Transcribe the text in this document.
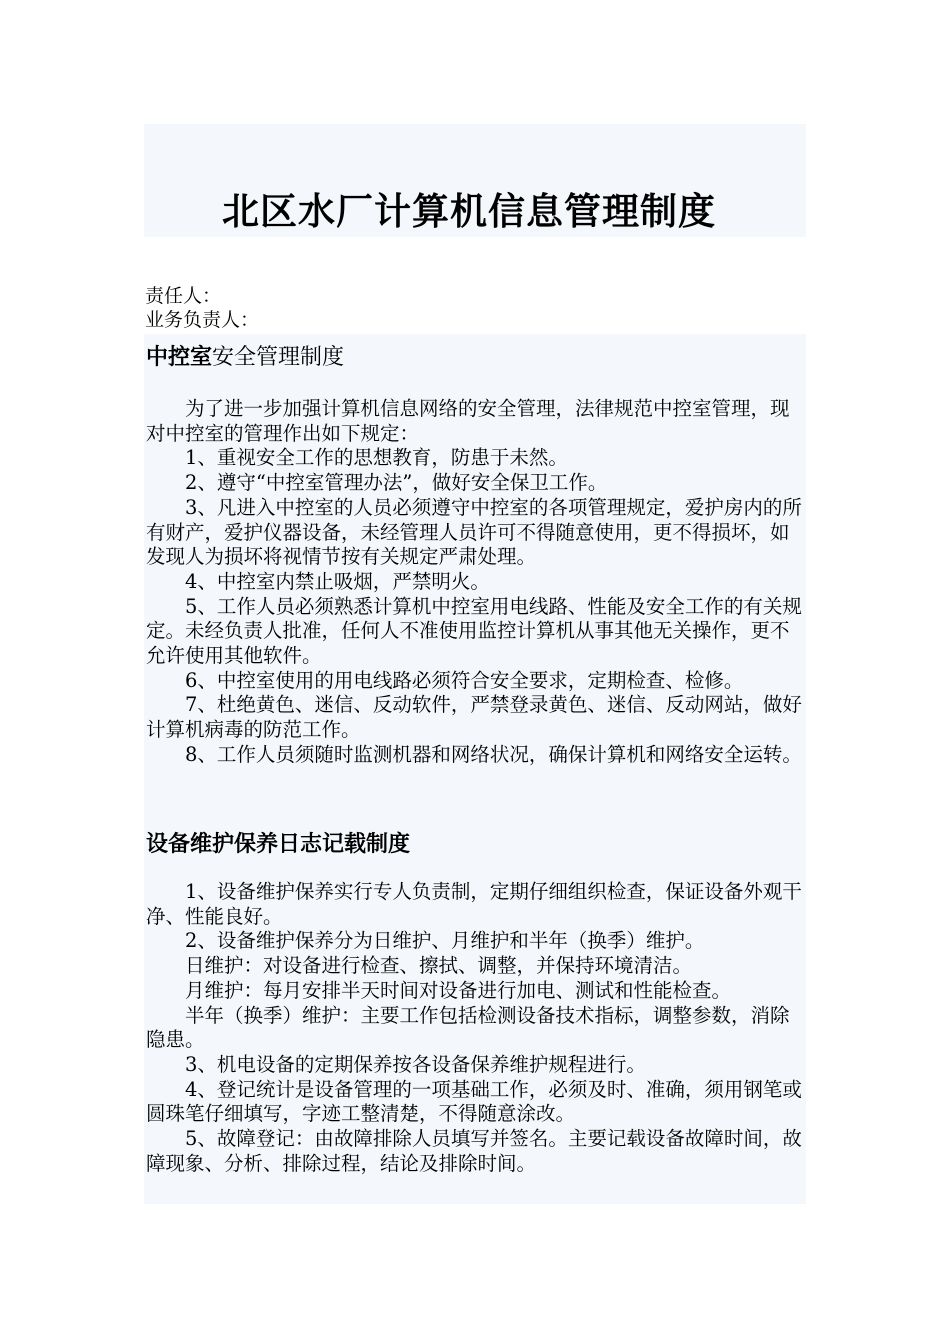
北区水厂计算机信息管理制度
责任人：
业务负责人：
中控室安全管理制度

为了进一步加强计算机信息网络的安全管理，法律规范中控室管理，现对中控室的管理作出如下规定：

1、重视安全工作的思想教育，防患于未然。

2、遵守“中控室管理办法”，做好安全保卫工作。

3、凡进入中控室的人员必须遵守中控室的各项管理规定，爱护房内的所有财产，爱护仪器设备，未经管理人员许可不得随意使用，更不得损坏，如发现人为损坏将视情节按有关规定严肃处理。

4、中控室内禁止吸烟，严禁明火。

5、工作人员必须熟悉计算机中控室用电线路、性能及安全工作的有关规定。未经负责人批准，任何人不准使用监控计算机从事其他无关操作，更不允许使用其他软件。

6、中控室使用的用电线路必须符合安全要求，定期检查、检修。

7、杜绝黄色、迷信、反动软件，严禁登录黄色、迷信、反动网站，做好计算机病毒的防范工作。

8、工作人员须随时监测机器和网络状况，确保计算机和网络安全运转。

设备维护保养日志记载制度

1、设备维护保养实行专人负责制，定期仔细组织检查，保证设备外观干净、性能良好。

2、设备维护保养分为日维护、月维护和半年（换季）维护。

日维护：对设备进行检查、擦拭、调整，并保持环境清洁。

月维护：每月安排半天时间对设备进行加电、测试和性能检查。

半年（换季）维护：主要工作包括检测设备技术指标，调整参数，消除隐患。

3、机电设备的定期保养按各设备保养维护规程进行。

4、登记统计是设备管理的一项基础工作，必须及时、准确，须用钢笔或圆珠笔仔细填写，字迹工整清楚，不得随意涂改。

5、故障登记：由故障排除人员填写并签名。主要记载设备故障时间，故障现象、分析、排除过程，结论及排除时间。
